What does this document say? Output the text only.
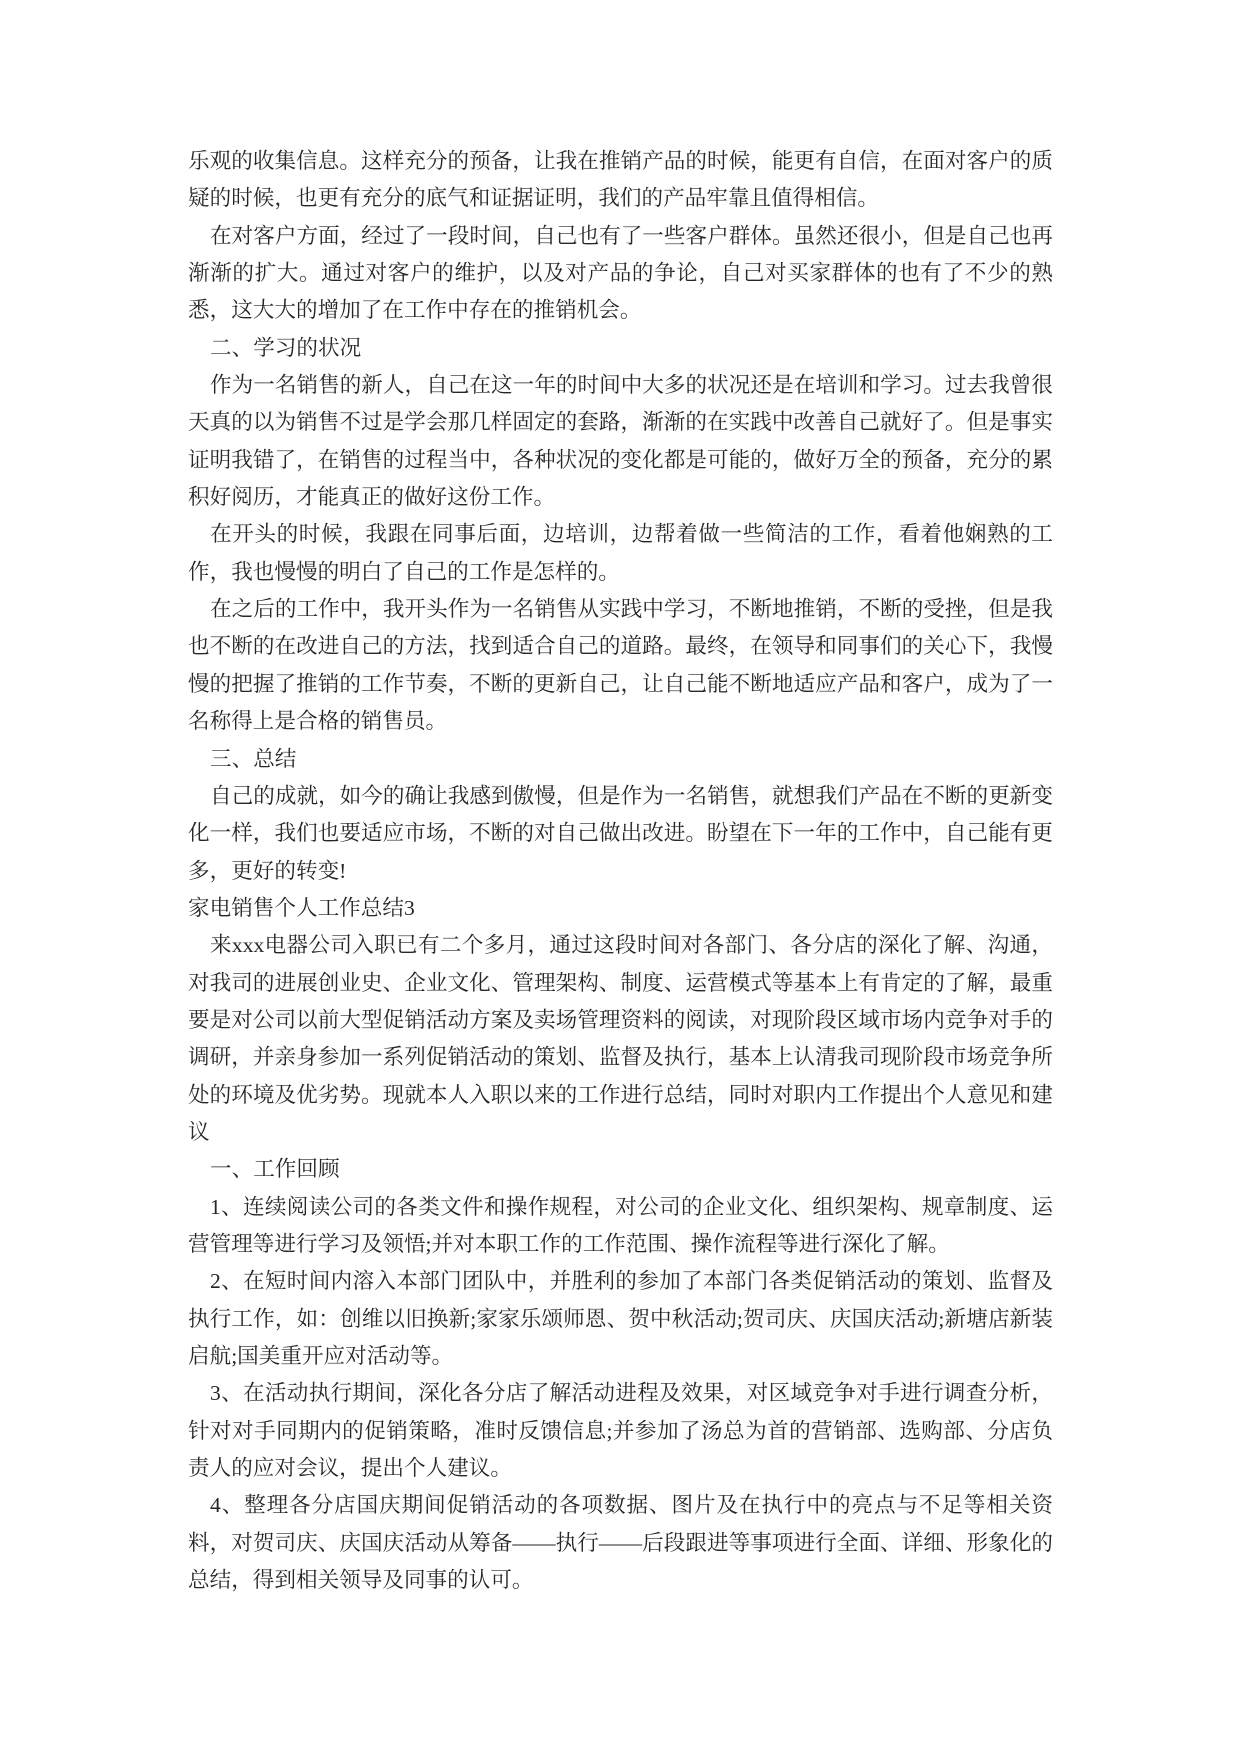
乐观的收集信息。这样充分的预备，让我在推销产品的时候，能更有自信，在面对客户的质疑的时候，也更有充分的底气和证据证明，我们的产品牢靠且值得相信。

在对客户方面，经过了一段时间，自己也有了一些客户群体。虽然还很小，但是自己也再渐渐的扩大。通过对客户的维护，以及对产品的争论，自己对买家群体的也有了不少的熟悉，这大大的增加了在工作中存在的推销机会。

二、学习的状况

作为一名销售的新人，自己在这一年的时间中大多的状况还是在培训和学习。过去我曾很天真的以为销售不过是学会那几样固定的套路，渐渐的在实践中改善自己就好了。但是事实证明我错了，在销售的过程当中，各种状况的变化都是可能的，做好万全的预备，充分的累积好阅历，才能真正的做好这份工作。

在开头的时候，我跟在同事后面，边培训，边帮着做一些简洁的工作，看着他娴熟的工作，我也慢慢的明白了自己的工作是怎样的。

在之后的工作中，我开头作为一名销售从实践中学习，不断地推销，不断的受挫，但是我也不断的在改进自己的方法，找到适合自己的道路。最终，在领导和同事们的关心下，我慢慢的把握了推销的工作节奏，不断的更新自己，让自己能不断地适应产品和客户，成为了一名称得上是合格的销售员。

三、总结

自己的成就，如今的确让我感到傲慢，但是作为一名销售，就想我们产品在不断的更新变化一样，我们也要适应市场，不断的对自己做出改进。盼望在下一年的工作中，自己能有更多，更好的转变!

家电销售个人工作总结3

来xxx电器公司入职已有二个多月，通过这段时间对各部门、各分店的深化了解、沟通，对我司的进展创业史、企业文化、管理架构、制度、运营模式等基本上有肯定的了解，最重要是对公司以前大型促销活动方案及卖场管理资料的阅读，对现阶段区域市场内竞争对手的调研，并亲身参加一系列促销活动的策划、监督及执行，基本上认清我司现阶段市场竞争所处的环境及优劣势。现就本人入职以来的工作进行总结，同时对职内工作提出个人意见和建议

一、工作回顾

1、连续阅读公司的各类文件和操作规程，对公司的企业文化、组织架构、规章制度、运营管理等进行学习及领悟;并对本职工作的工作范围、操作流程等进行深化了解。

2、在短时间内溶入本部门团队中，并胜利的参加了本部门各类促销活动的策划、监督及执行工作，如：创维以旧换新;家家乐颂师恩、贺中秋活动;贺司庆、庆国庆活动;新塘店新装启航;国美重开应对活动等。

3、在活动执行期间，深化各分店了解活动进程及效果，对区域竞争对手进行调查分析，针对对手同期内的促销策略，准时反馈信息;并参加了汤总为首的营销部、选购部、分店负责人的应对会议，提出个人建议。

4、整理各分店国庆期间促销活动的各项数据、图片及在执行中的亮点与不足等相关资料，对贺司庆、庆国庆活动从筹备——执行——后段跟进等事项进行全面、详细、形象化的总结，得到相关领导及同事的认可。
